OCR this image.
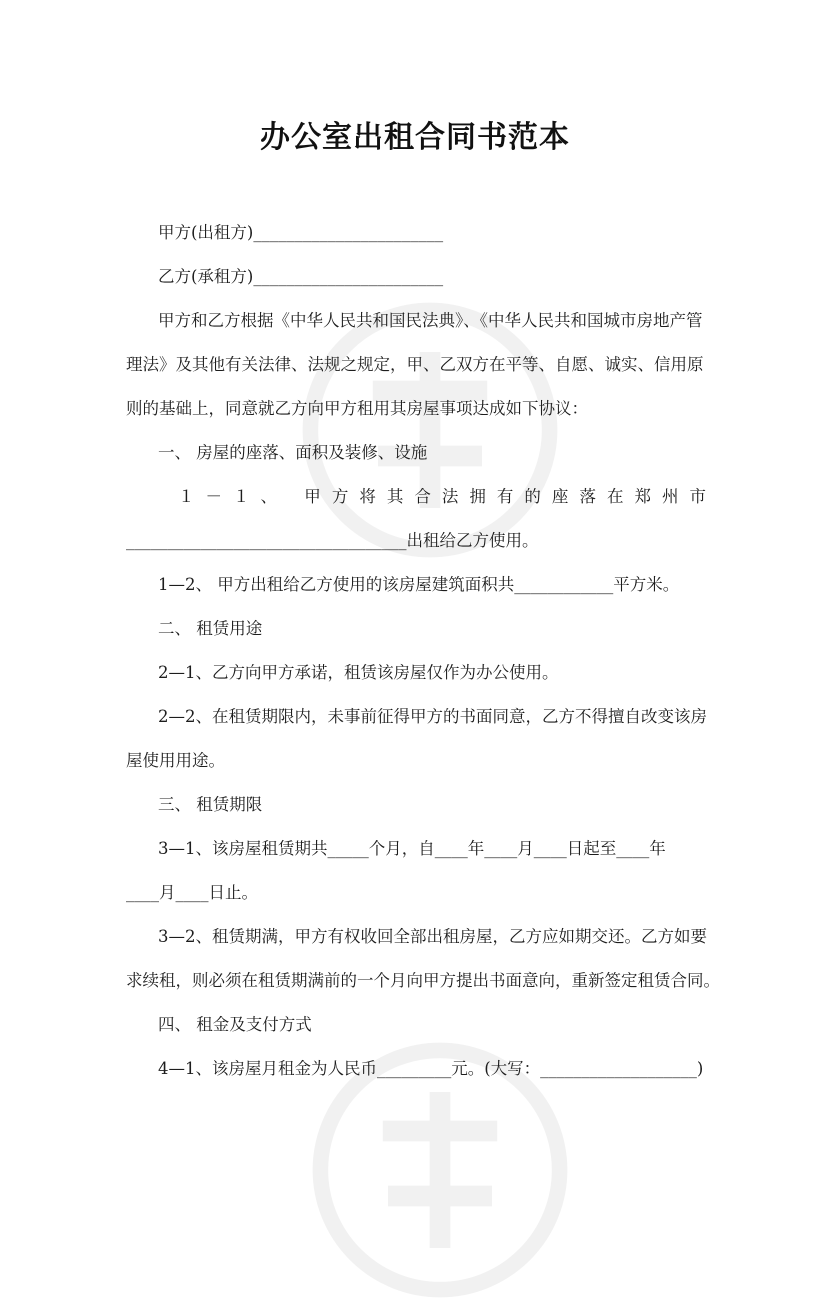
办公室出租合同书范本
甲方(出租方)_______________________
乙方(承租方)_______________________
甲方和乙方根据《中华人民共和国民法典》、《中华人民共和国城市房地产管
理法》及其他有关法律、法规之规定，甲、乙双方在平等、自愿、诚实、信用原
则的基础上，同意就乙方向甲方租用其房屋事项达成如下协议：
一、 房屋的座落、面积及装修、设施
１－１、 甲方将其合法拥有的座落在郑州市
__________________________________出租给乙方使用。
1—2、 甲方出租给乙方使用的该房屋建筑面积共____________平方米。
二、 租赁用途
2—1、乙方向甲方承诺，租赁该房屋仅作为办公使用。
2—2、在租赁期限内，未事前征得甲方的书面同意，乙方不得擅自改变该房
屋使用用途。
三、 租赁期限
3—1、该房屋租赁期共_____个月，自____年____月____日起至____年
____月____日止。
3—2、租赁期满，甲方有权收回全部出租房屋，乙方应如期交还。乙方如要
求续租，则必须在租赁期满前的一个月向甲方提出书面意向，重新签定租赁合同。
四、 租金及支付方式
4—1、该房屋月租金为人民币_________元。(大写：___________________)
